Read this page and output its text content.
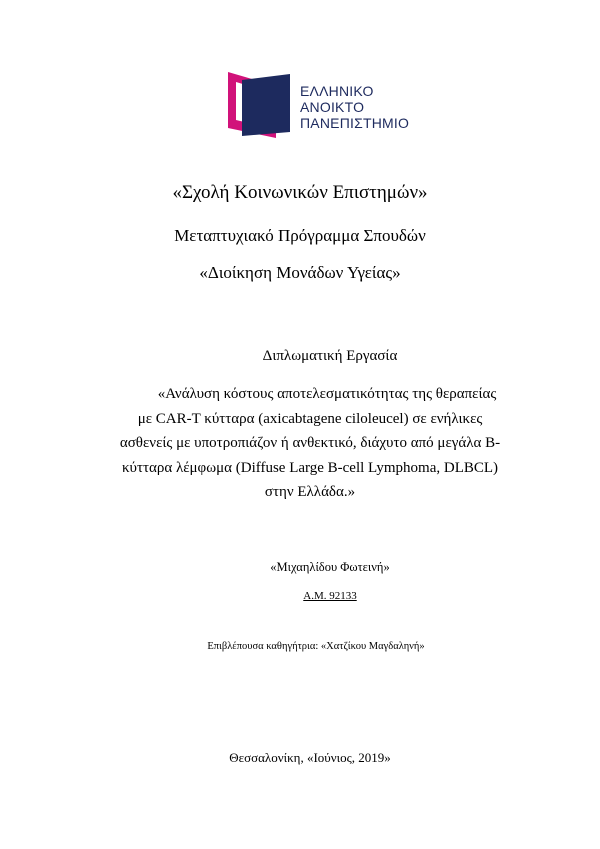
ΕΛΛΗΝΙΚΟ
ΑΝΟΙΚΤΟ
ΠΑΝΕΠΙΣΤΗΜΙΟ
«Σχολή Κοινωνικών Επιστημών»
Μεταπτυχιακό Πρόγραμμα Σπουδών
«Διοίκηση Μονάδων Υγείας»
Διπλωματική Εργασία
«Ανάλυση κόστους αποτελεσματικότητας της θεραπείας
με CAR-T κύτταρα (axicabtagene ciloleucel) σε ενήλικες
ασθενείς με υποτροπιάζον ή ανθεκτικό, διάχυτο από μεγάλα Β-
κύτταρα λέμφωμα (Diffuse Large B-cell Lymphoma, DLBCL)
στην Ελλάδα.»
«Μιχαηλίδου Φωτεινή»
Α.Μ. 92133
Επιβλέπουσα καθηγήτρια: «Χατζίκου Μαγδαληνή»
Θεσσαλονίκη, «Ιούνιος, 2019»
